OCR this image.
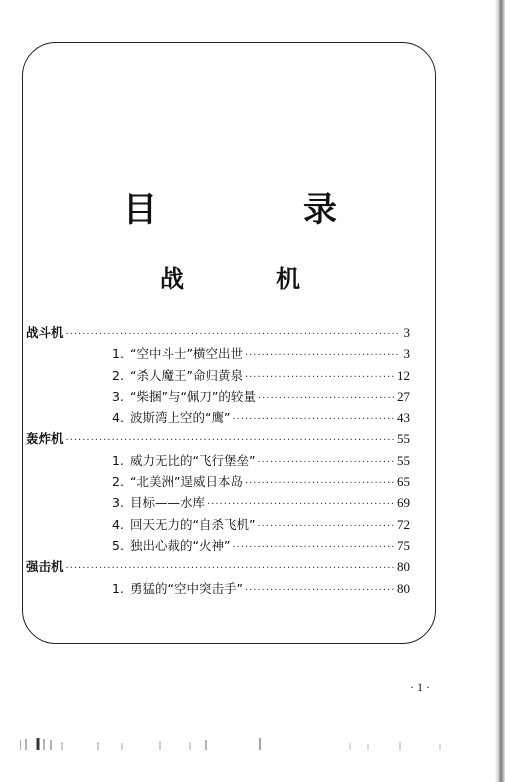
目　录
战　机
战斗机 ·····	3
1. “空中斗士”横空出世 ·····	3
2. “杀人魔王”命归黄泉 ·····	12
3. “柴捆”与“佩刀”的较量 ·····	27
4. 波斯湾上空的“鹰” ·····	43
轰炸机 ·····	55
1. 威力无比的“飞行堡垒” ·····	55
2. “北美洲”逞威日本岛 ·····	65
3. 目标——水库 ·····	69
4. 回天无力的“自杀飞机” ·····	72
5. 独出心裁的“火神” ·····	75
强击机 ·····	80
1. 勇猛的“空中突击手” ·····	80
· 1 ·
